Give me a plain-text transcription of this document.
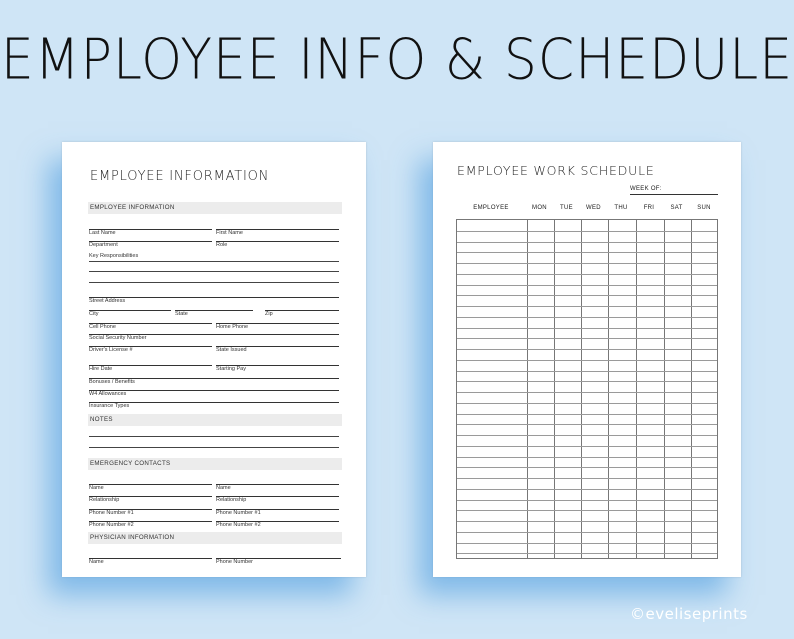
EMPLOYEE INFO & SCHEDULE
EMPLOYEE INFORMATION
EMPLOYEE INFORMATION
Last Name	First Name
Department	Role
Key Responsibilities
Street Address
City	State	Zip
Cell Phone	Home Phone
Social Security Number
Driver's License #	State Issued
Hire Date	Starting Pay
Bonuses / Benefits
W4 Allowances
Insurance Types
NOTES
EMERGENCY CONTACTS
Name	Name
Relationship	Relationship
Phone Number #1	Phone Number #1
Phone Number #2	Phone Number #2
PHYSICIAN INFORMATION
Name	Phone Number
EMPLOYEE WORK SCHEDULE
WEEK OF:
EMPLOYEE	MON	TUE	WED	THU	FRI	SAT	SUN
©eveliseprints
